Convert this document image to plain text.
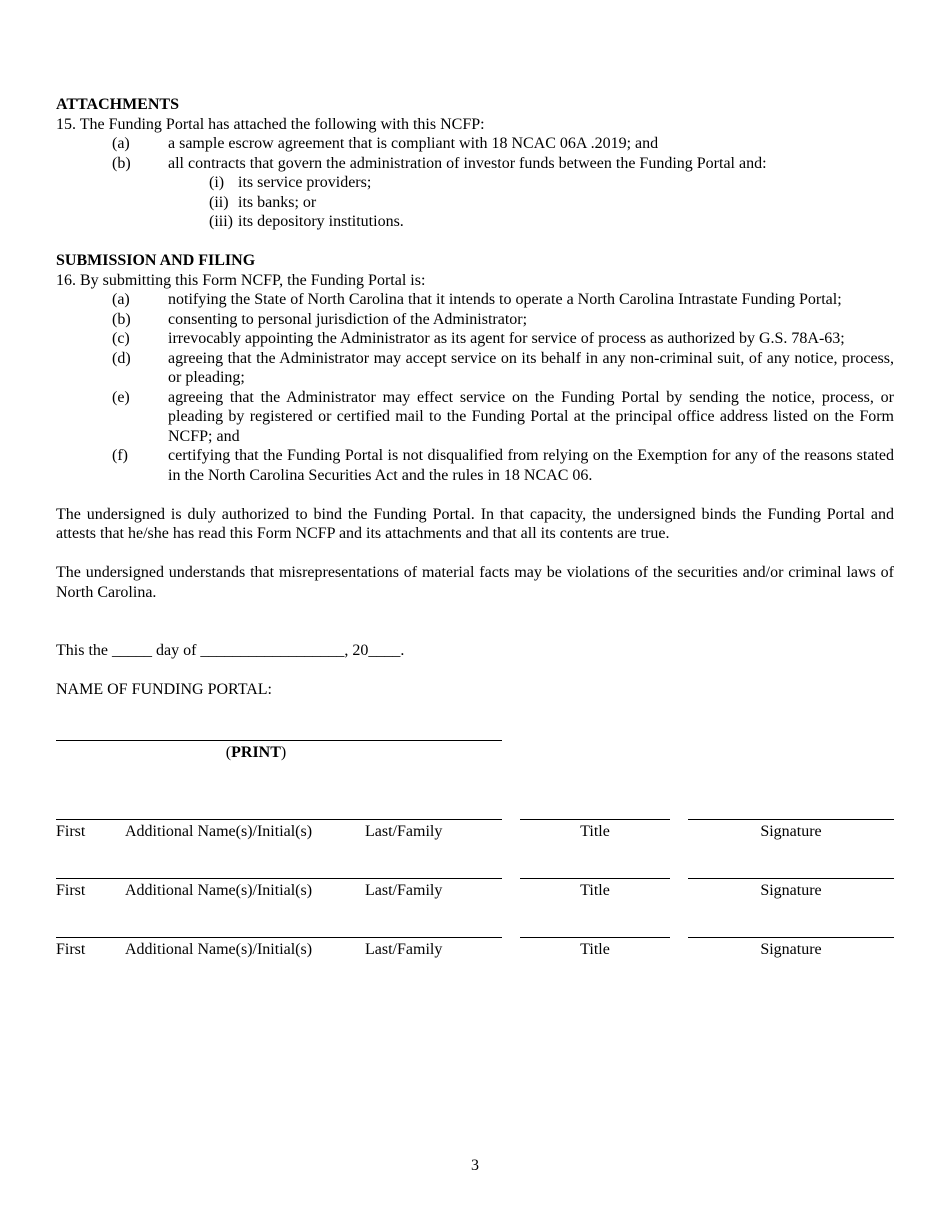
ATTACHMENTS

15. The Funding Portal has attached the following with this NCFP:

(a) a sample escrow agreement that is compliant with 18 NCAC 06A .2019; and
(b) all contracts that govern the administration of investor funds between the Funding Portal and:
(i) its service providers;
(ii) its banks; or
(iii) its depository institutions.

SUBMISSION AND FILING

16. By submitting this Form NCFP, the Funding Portal is:

(a) notifying the State of North Carolina that it intends to operate a North Carolina Intrastate Funding Portal;
(b) consenting to personal jurisdiction of the Administrator;
(c) irrevocably appointing the Administrator as its agent for service of process as authorized by G.S. 78A-63;
(d) agreeing that the Administrator may accept service on its behalf in any non-criminal suit, of any notice, process, or pleading;
(e) agreeing that the Administrator may effect service on the Funding Portal by sending the notice, process, or pleading by registered or certified mail to the Funding Portal at the principal office address listed on the Form NCFP; and
(f)	certifying that the Funding Portal is not disqualified from relying on the Exemption for any of the reasons stated in the North Carolina Securities Act and the rules in 18 NCAC 06.

The undersigned is duly authorized to bind the Funding Portal. In that capacity, the undersigned binds the Funding Portal and attests that he/she has read this Form NCFP and its attachments and that all its contents are true.

The undersigned understands that misrepresentations of material facts may be violations of the securities and/or criminal laws of North Carolina.

This the _____ day of __________________, 20____.

NAME OF FUNDING PORTAL:

(PRINT)
First Additional Name(s)/Initial(s)	Last/Family	Title	Signature
First Additional Name(s)/Initial(s)	Last/Family	Title	Signature
First Additional Name(s)/Initial(s)	Last/Family	Title	Signature
3
